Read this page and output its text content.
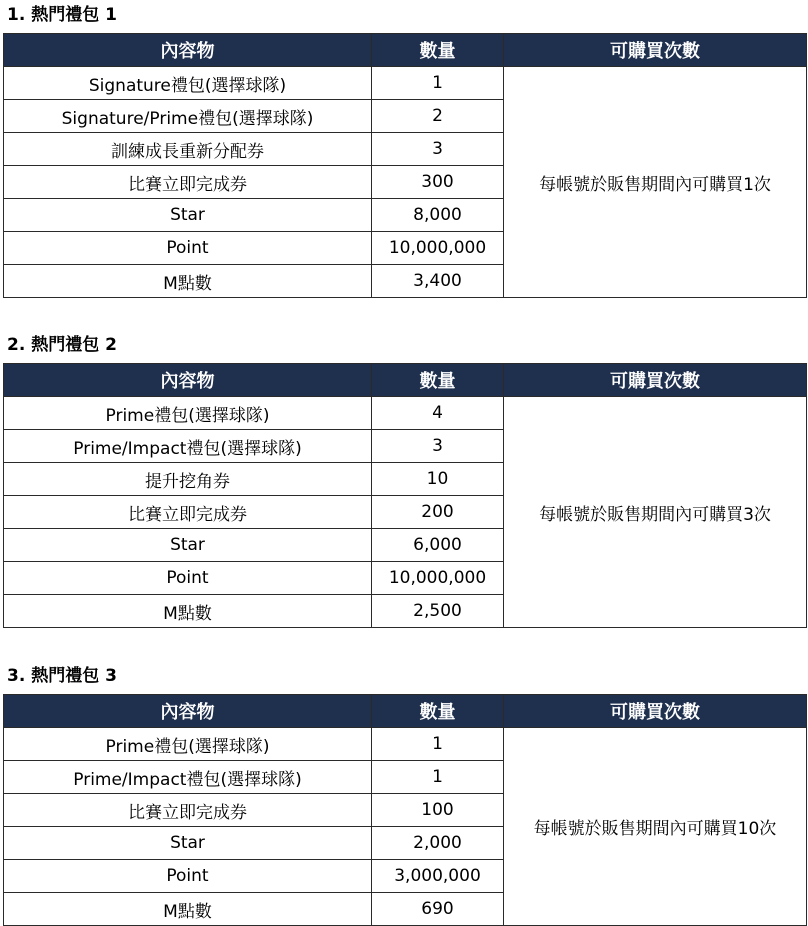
1. 熱門禮包 1
內容物	數量	可購買次數
Signature禮包(選擇球隊)	1	每帳號於販售期間內可購買1次
Signature/Prime禮包(選擇球隊)	2	
訓練成長重新分配券	3	
比賽立即完成券	300	
Star	8,000	
Point	10,000,000	
M點數	3,400	
2. 熱門禮包 2
內容物	數量	可購買次數
Prime禮包(選擇球隊)	4	每帳號於販售期間內可購買3次
Prime/Impact禮包(選擇球隊)	3	
提升挖角券	10	
比賽立即完成券	200	
Star	6,000	
Point	10,000,000	
M點數	2,500	
3. 熱門禮包 3
內容物	數量	可購買次數
Prime禮包(選擇球隊)	1	每帳號於販售期間內可購買10次
Prime/Impact禮包(選擇球隊)	1	
比賽立即完成券	100	
Star	2,000	
Point	3,000,000	
M點數	690	
